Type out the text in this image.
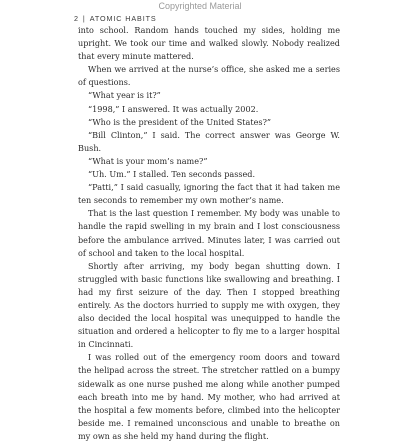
Copyrighted Material
2 | ATOMIC HABITS

into school. Random hands touched my sides, holding me upright. We took our time and walked slowly. Nobody realized that every minute mattered.

When we arrived at the nurse’s office, she asked me a series of questions.

“What year is it?”

“1998,” I answered. It was actually 2002.

“Who is the president of the United States?”

“Bill Clinton,” I said. The correct answer was George W. Bush.

“What is your mom’s name?”

“Uh. Um.” I stalled. Ten seconds passed.

“Patti,” I said casually, ignoring the fact that it had taken me ten seconds to remember my own mother’s name.

That is the last question I remember. My body was unable to handle the rapid swelling in my brain and I lost consciousness before the ambulance arrived. Minutes later, I was carried out of school and taken to the local hospital.

Shortly after arriving, my body began shutting down. I struggled with basic functions like swallowing and breathing. I had my first seizure of the day. Then I stopped breathing entirely. As the doctors hurried to supply me with oxygen, they also decided the local hospital was unequipped to handle the situation and ordered a helicopter to fly me to a larger hospital in Cincinnati.

I was rolled out of the emergency room doors and toward the helipad across the street. The stretcher rattled on a bumpy sidewalk as one nurse pushed me along while another pumped each breath into me by hand. My mother, who had arrived at the hospital a few moments before, climbed into the helicopter beside me. I remained unconscious and unable to breathe on my own as she held my hand during the flight.
